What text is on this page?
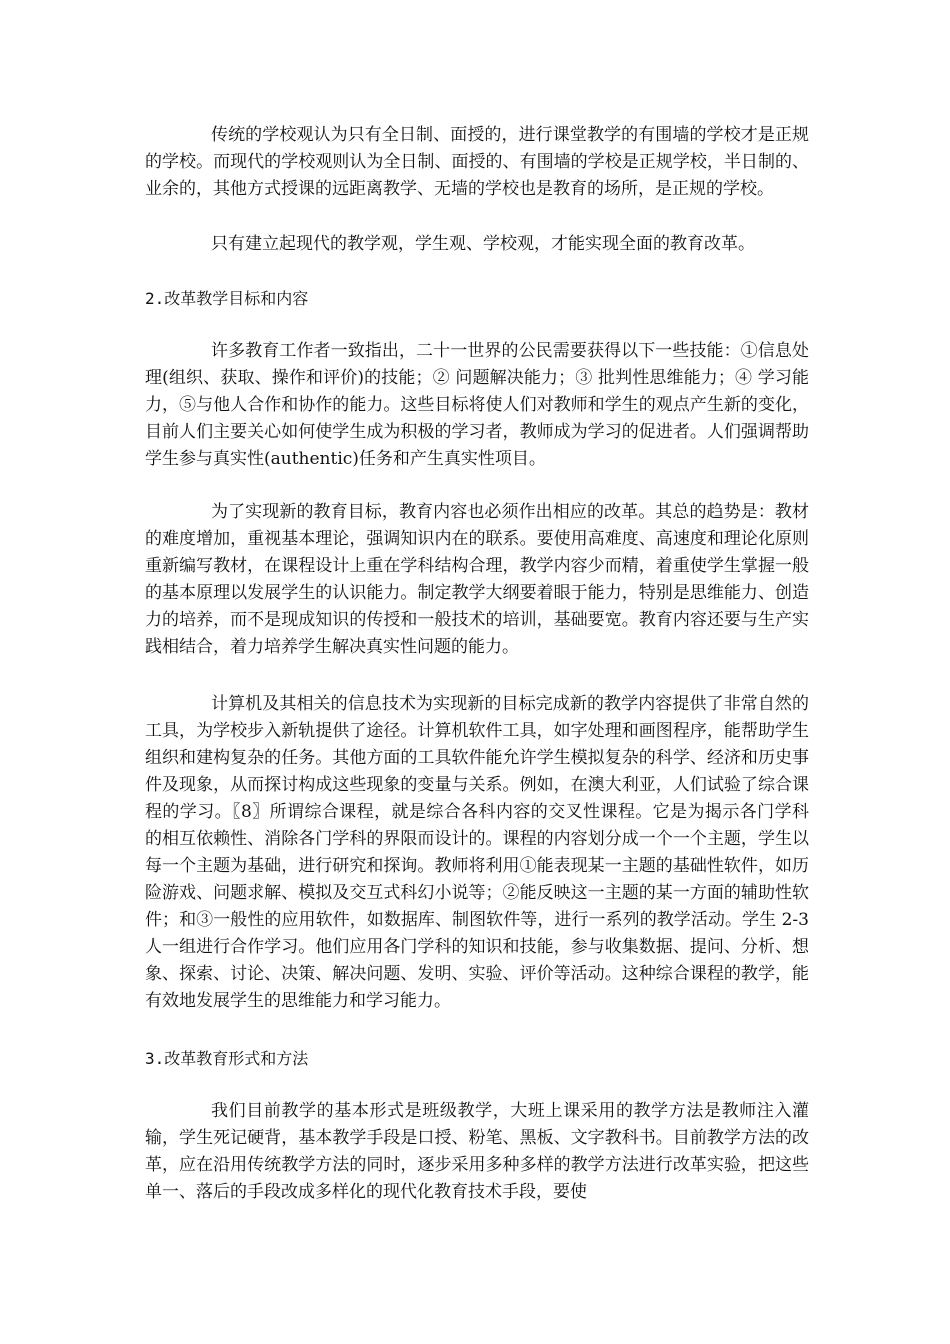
传统的学校观认为只有全日制、面授的，进行课堂教学的有围墙的学校才是正规的学校。而现代的学校观则认为全日制、面授的、有围墙的学校是正规学校，半日制的、业余的，其他方式授课的远距离教学、无墙的学校也是教育的场所，是正规的学校。

只有建立起现代的教学观，学生观、学校观，才能实现全面的教育改革。

2.改革教学目标和内容

许多教育工作者一致指出，二十一世界的公民需要获得以下一些技能：①信息处理(组织、获取、操作和评价)的技能；② 问题解决能力；③ 批判性思维能力；④ 学习能力，⑤与他人合作和协作的能力。这些目标将使人们对教师和学生的观点产生新的变化，目前人们主要关心如何使学生成为积极的学习者，教师成为学习的促进者。人们强调帮助学生参与真实性(authentic)任务和产生真实性项目。

为了实现新的教育目标，教育内容也必须作出相应的改革。其总的趋势是：教材的难度增加，重视基本理论，强调知识内在的联系。要使用高难度、高速度和理论化原则重新编写教材，在课程设计上重在学科结构合理，教学内容少而精，着重使学生掌握一般的基本原理以发展学生的认识能力。制定教学大纲要着眼于能力，特别是思维能力、创造力的培养，而不是现成知识的传授和一般技术的培训，基础要宽。教育内容还要与生产实践相结合，着力培养学生解决真实性问题的能力。

计算机及其相关的信息技术为实现新的目标完成新的教学内容提供了非常自然的工具，为学校步入新轨提供了途径。计算机软件工具，如字处理和画图程序，能帮助学生组织和建构复杂的任务。其他方面的工具软件能允许学生模拟复杂的科学、经济和历史事件及现象，从而探讨构成这些现象的变量与关系。例如，在澳大利亚，人们试验了综合课程的学习。〖8〗所谓综合课程，就是综合各科内容的交叉性课程。它是为揭示各门学科的相互依赖性、消除各门学科的界限而设计的。课程的内容划分成一个一个主题，学生以每一个主题为基础，进行研究和探询。教师将利用①能表现某一主题的基础性软件，如历险游戏、问题求解、模拟及交互式科幻小说等；②能反映这一主题的某一方面的辅助性软件；和③一般性的应用软件，如数据库、制图软件等，进行一系列的教学活动。学生 2-3 人一组进行合作学习。他们应用各门学科的知识和技能，参与收集数据、提问、分析、想象、探索、讨论、决策、解决问题、发明、实验、评价等活动。这种综合课程的教学，能有效地发展学生的思维能力和学习能力。

3.改革教育形式和方法

我们目前教学的基本形式是班级教学，大班上课采用的教学方法是教师注入灌输，学生死记硬背，基本教学手段是口授、粉笔、黑板、文字教科书。目前教学方法的改革，应在沿用传统教学方法的同时，逐步采用多种多样的教学方法进行改革实验，把这些单一、落后的手段改成多样化的现代化教育技术手段，要使
